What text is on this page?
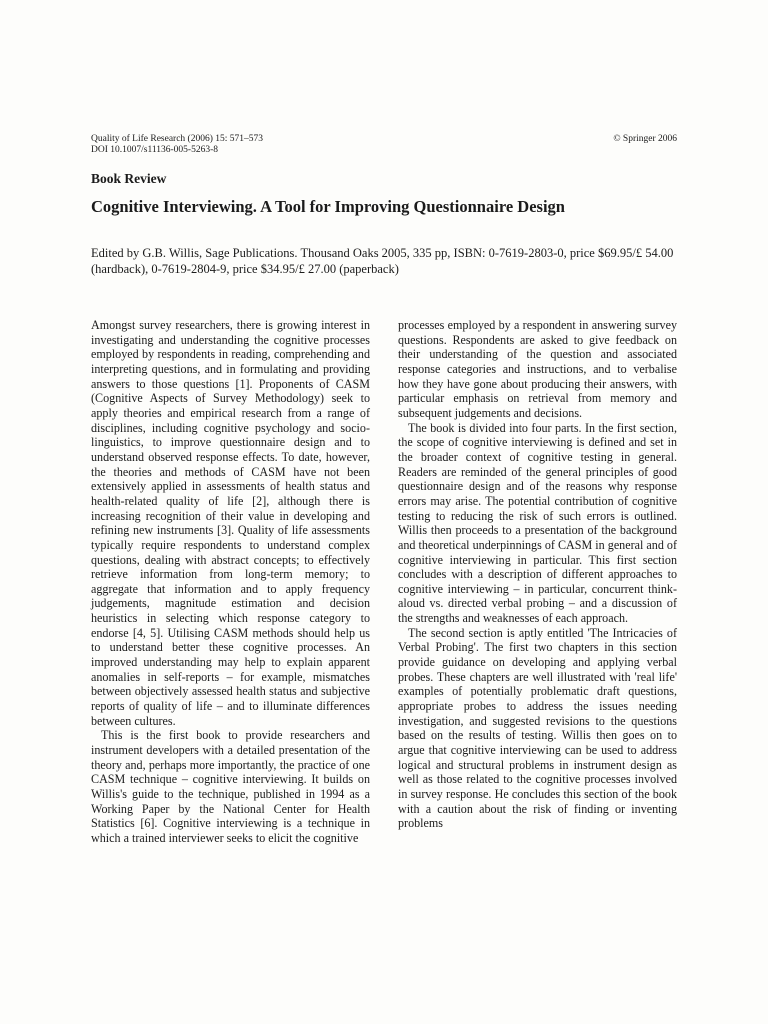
Quality of Life Research (2006) 15: 571–573
DOI 10.1007/s11136-005-5263-8
© Springer 2006
Book Review
Cognitive Interviewing. A Tool for Improving Questionnaire Design
Edited by G.B. Willis, Sage Publications. Thousand Oaks 2005, 335 pp, ISBN: 0-7619-2803-0, price $69.95/£ 54.00 (hardback), 0-7619-2804-9, price $34.95/£ 27.00 (paperback)

Amongst survey researchers, there is growing interest in investigating and understanding the cognitive processes employed by respondents in reading, comprehending and interpreting questions, and in formulating and providing answers to those questions [1]. Proponents of CASM (Cognitive Aspects of Survey Methodology) seek to apply theories and empirical research from a range of disciplines, including cognitive psychology and socio-linguistics, to improve questionnaire design and to understand observed response effects. To date, however, the theories and methods of CASM have not been extensively applied in assessments of health status and health-related quality of life [2], although there is increasing recognition of their value in developing and refining new instruments [3]. Quality of life assessments typically require respondents to understand complex questions, dealing with abstract concepts; to effectively retrieve information from long-term memory; to aggregate that information and to apply frequency judgements, magnitude estimation and decision heuristics in selecting which response category to endorse [4, 5]. Utilising CASM methods should help us to understand better these cognitive processes. An improved understanding may help to explain apparent anomalies in self-reports – for example, mismatches between objectively assessed health status and subjective reports of quality of life – and to illuminate differences between cultures.

This is the first book to provide researchers and instrument developers with a detailed presentation of the theory and, perhaps more importantly, the practice of one CASM technique – cognitive interviewing. It builds on Willis's guide to the technique, published in 1994 as a Working Paper by the National Center for Health Statistics [6]. Cognitive interviewing is a technique in which a trained interviewer seeks to elicit the cognitive

processes employed by a respondent in answering survey questions. Respondents are asked to give feedback on their understanding of the question and associated response categories and instructions, and to verbalise how they have gone about producing their answers, with particular emphasis on retrieval from memory and subsequent judgements and decisions.

The book is divided into four parts. In the first section, the scope of cognitive interviewing is defined and set in the broader context of cognitive testing in general. Readers are reminded of the general principles of good questionnaire design and of the reasons why response errors may arise. The potential contribution of cognitive testing to reducing the risk of such errors is outlined. Willis then proceeds to a presentation of the background and theoretical underpinnings of CASM in general and of cognitive interviewing in particular. This first section concludes with a description of different approaches to cognitive interviewing – in particular, concurrent think-aloud vs. directed verbal probing – and a discussion of the strengths and weaknesses of each approach.

The second section is aptly entitled 'The Intricacies of Verbal Probing'. The first two chapters in this section provide guidance on developing and applying verbal probes. These chapters are well illustrated with 'real life' examples of potentially problematic draft questions, appropriate probes to address the issues needing investigation, and suggested revisions to the questions based on the results of testing. Willis then goes on to argue that cognitive interviewing can be used to address logical and structural problems in instrument design as well as those related to the cognitive processes involved in survey response. He concludes this section of the book with a caution about the risk of finding or inventing problems
